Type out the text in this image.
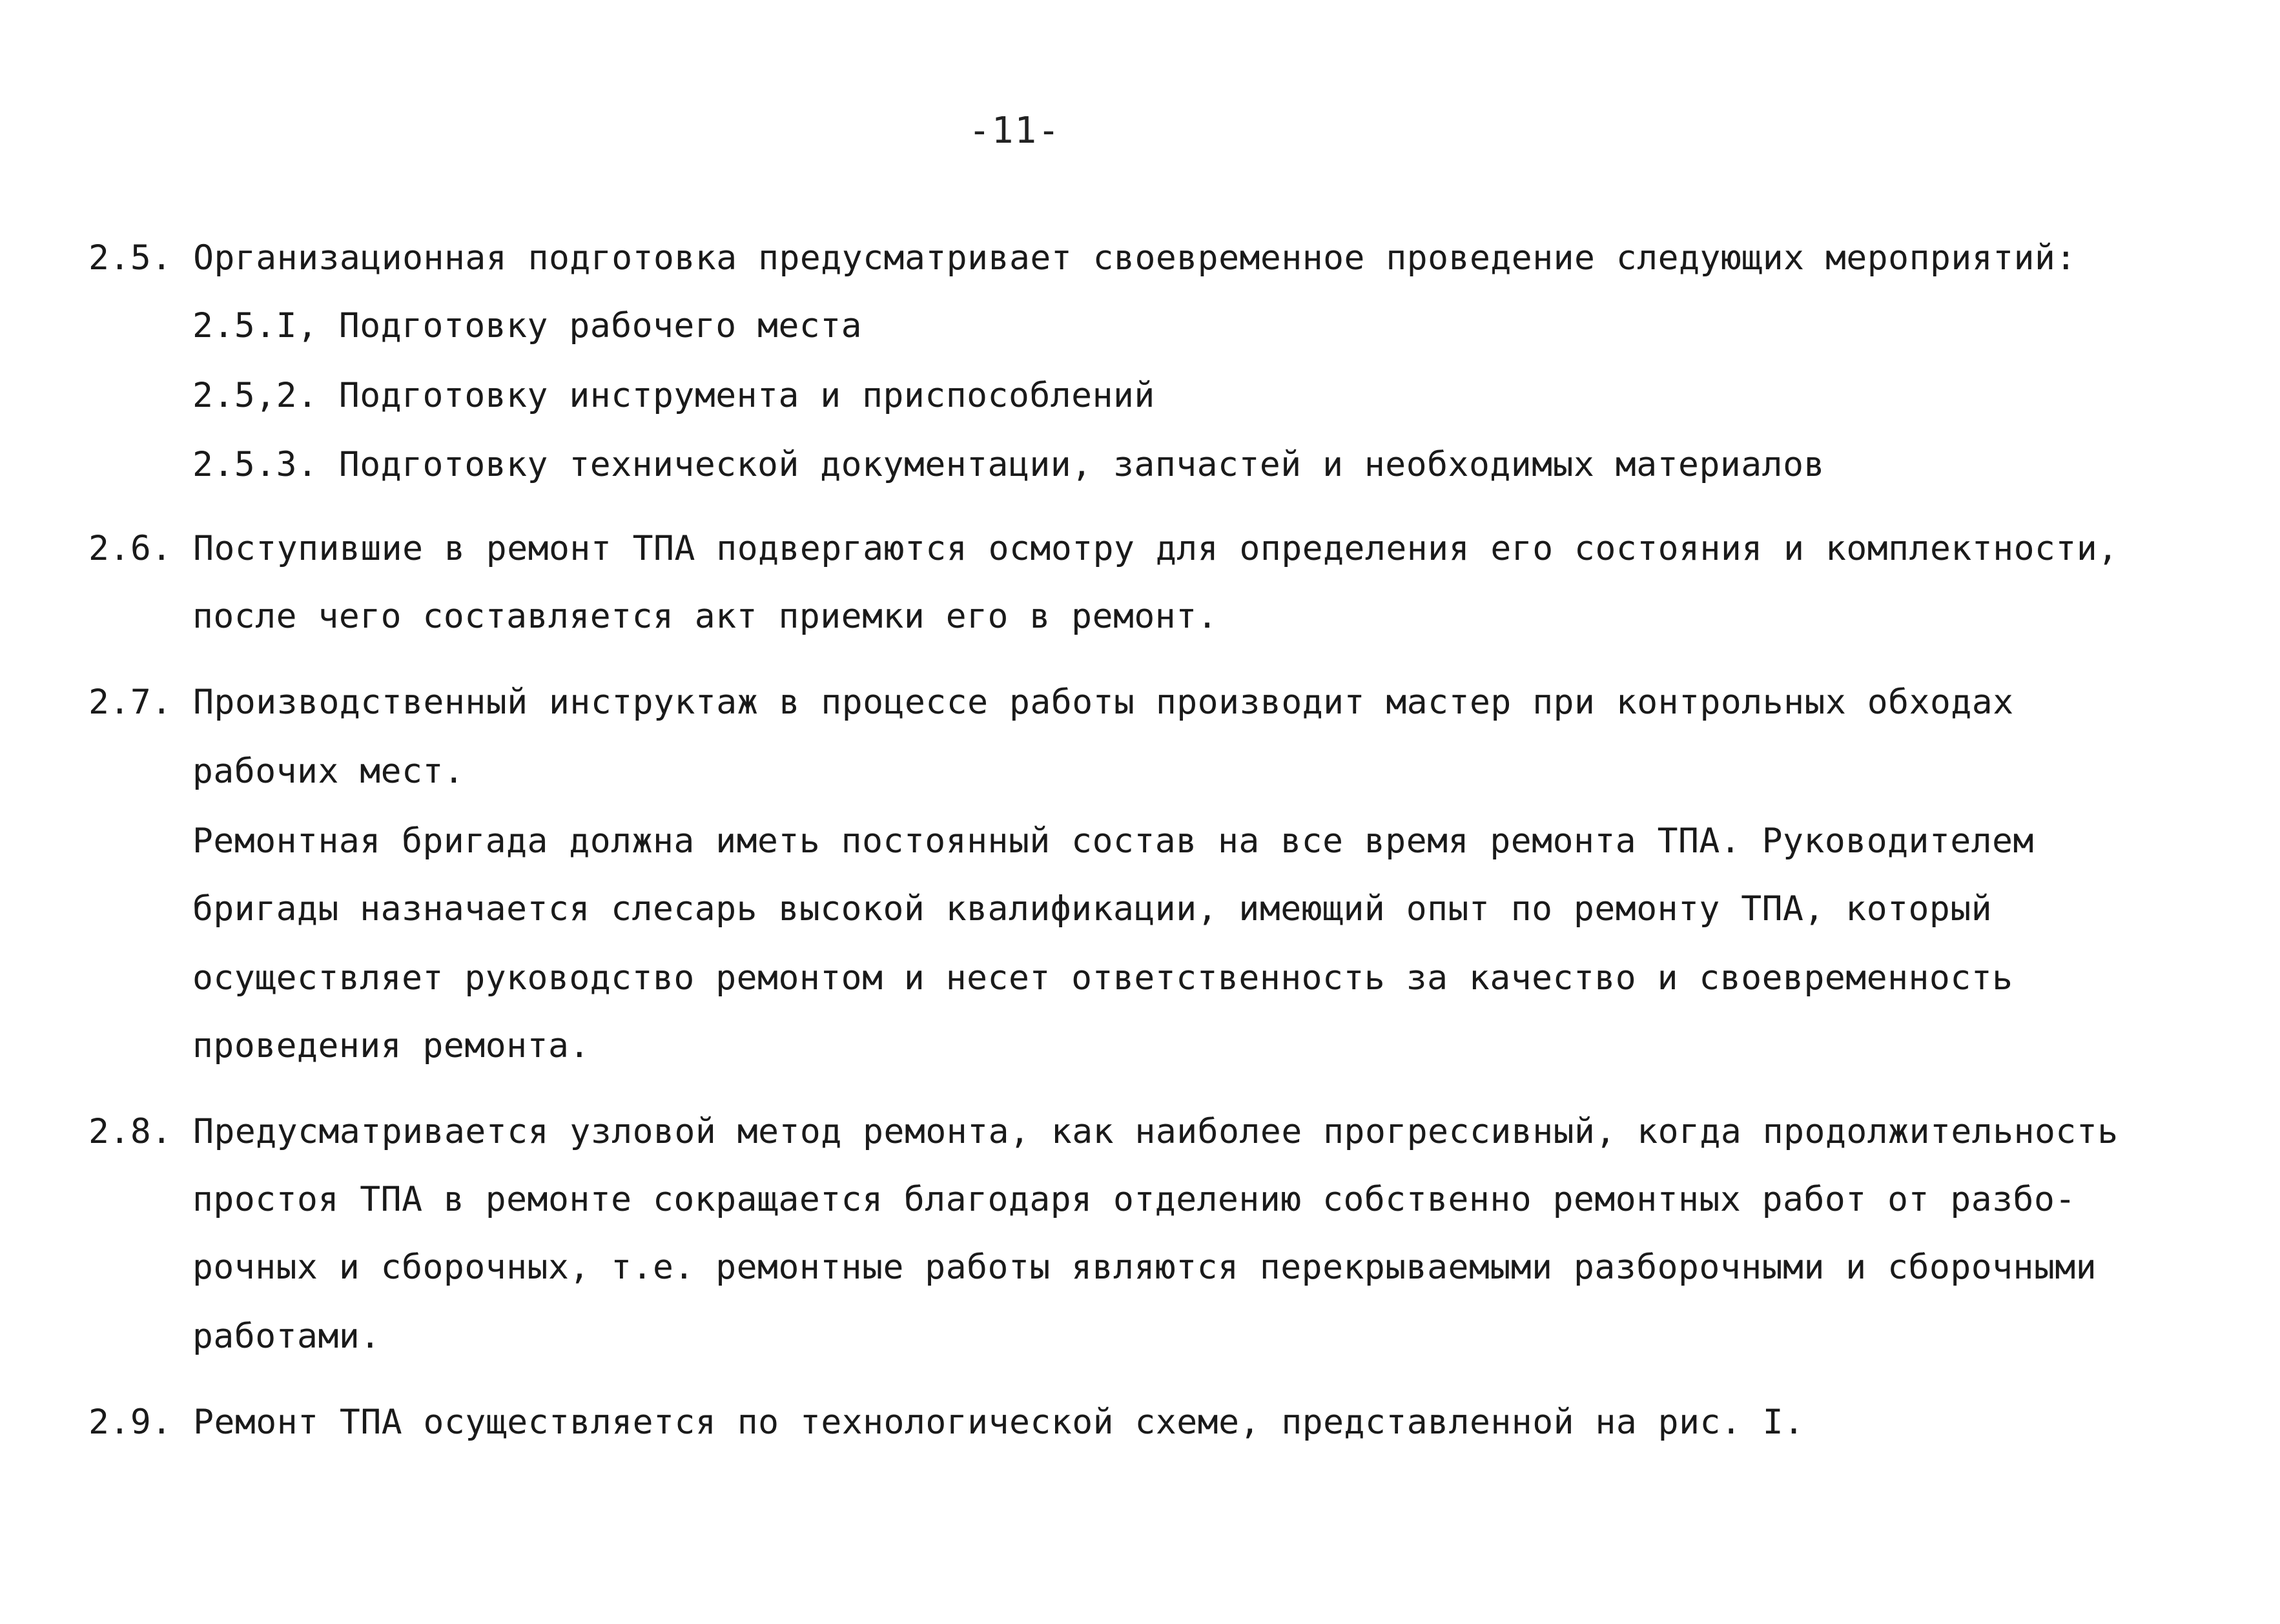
-11-
2.5. Организационная подготовка предусматривает своевременное проведение следующих мероприятий:
2.5.I, Подготовку рабочего места
2.5,2. Подготовку инструмента и приспособлений
2.5.3. Подготовку технической документации, запчастей и необходимых материалов
2.6. Поступившие в ремонт ТПА подвергаются осмотру для определения его состояния и комплектности,
после чего составляется акт приемки его в ремонт.
2.7. Производственный инструктаж в процессе работы производит мастер при контрольных обходах
рабочих мест.
Ремонтная бригада должна иметь постоянный состав на все время ремонта ТПА. Руководителем
бригады назначается слесарь высокой квалификации, имеющий опыт по ремонту ТПА, который
осуществляет руководство ремонтом и несет ответственность за качество и своевременность
проведения ремонта.
2.8. Предусматривается узловой метод ремонта, как наиболее прогрессивный, когда продолжительность
простоя ТПА в ремонте сокращается благодаря отделению собственно ремонтных работ от разбо-
рочных и сборочных, т.е. ремонтные работы являются перекрываемыми разборочными и сборочными
работами.
2.9. Ремонт ТПА осуществляется по технологической схеме, представленной на рис. I.
